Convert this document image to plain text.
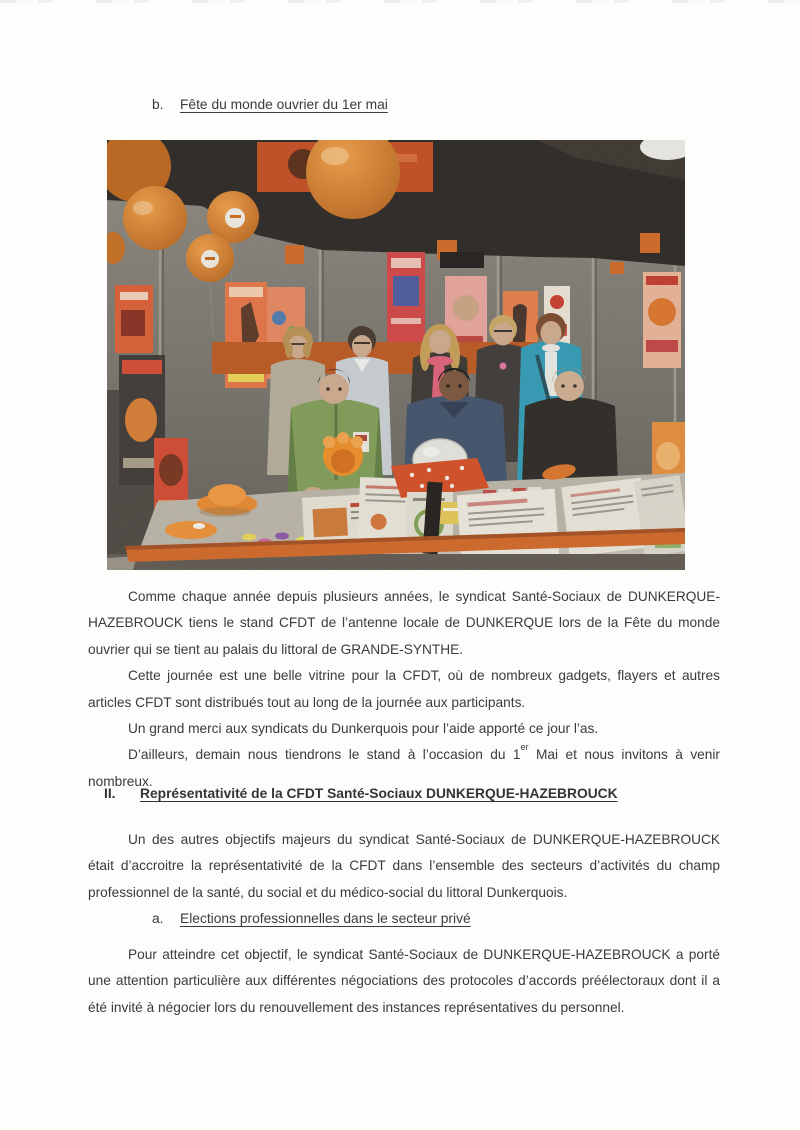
b. Fête du monde ouvrier du 1er mai

Comme chaque année depuis plusieurs années, le syndicat Santé-Sociaux de DUNKERQUE-HAZEBROUCK tiens le stand CFDT de l’antenne locale de DUNKERQUE lors de la Fête du monde ouvrier qui se tient au palais du littoral de GRANDE-SYNTHE.

Cette journée est une belle vitrine pour la CFDT, où de nombreux gadgets, flayers et autres articles CFDT sont distribués tout au long de la journée aux participants.

Un grand merci aux syndicats du Dunkerquois pour l’aide apporté ce jour l’as.

D’ailleurs, demain nous tiendrons le stand à l’occasion du 1er Mai et nous invitons à venir nombreux.

II. Représentativité de la CFDT Santé-Sociaux DUNKERQUE-HAZEBROUCK

Un des autres objectifs majeurs du syndicat Santé-Sociaux de DUNKERQUE-HAZEBROUCK était d’accroitre la représentativité de la CFDT dans l’ensemble des secteurs d’activités du champ professionnel de la santé, du social et du médico-social du littoral Dunkerquois.

a. Elections professionnelles dans le secteur privé

Pour atteindre cet objectif, le syndicat Santé-Sociaux de DUNKERQUE-HAZEBROUCK a porté une attention particulière aux différentes négociations des protocoles d’accords préélectoraux dont il a été invité à négocier lors du renouvellement des instances représentatives du personnel.
